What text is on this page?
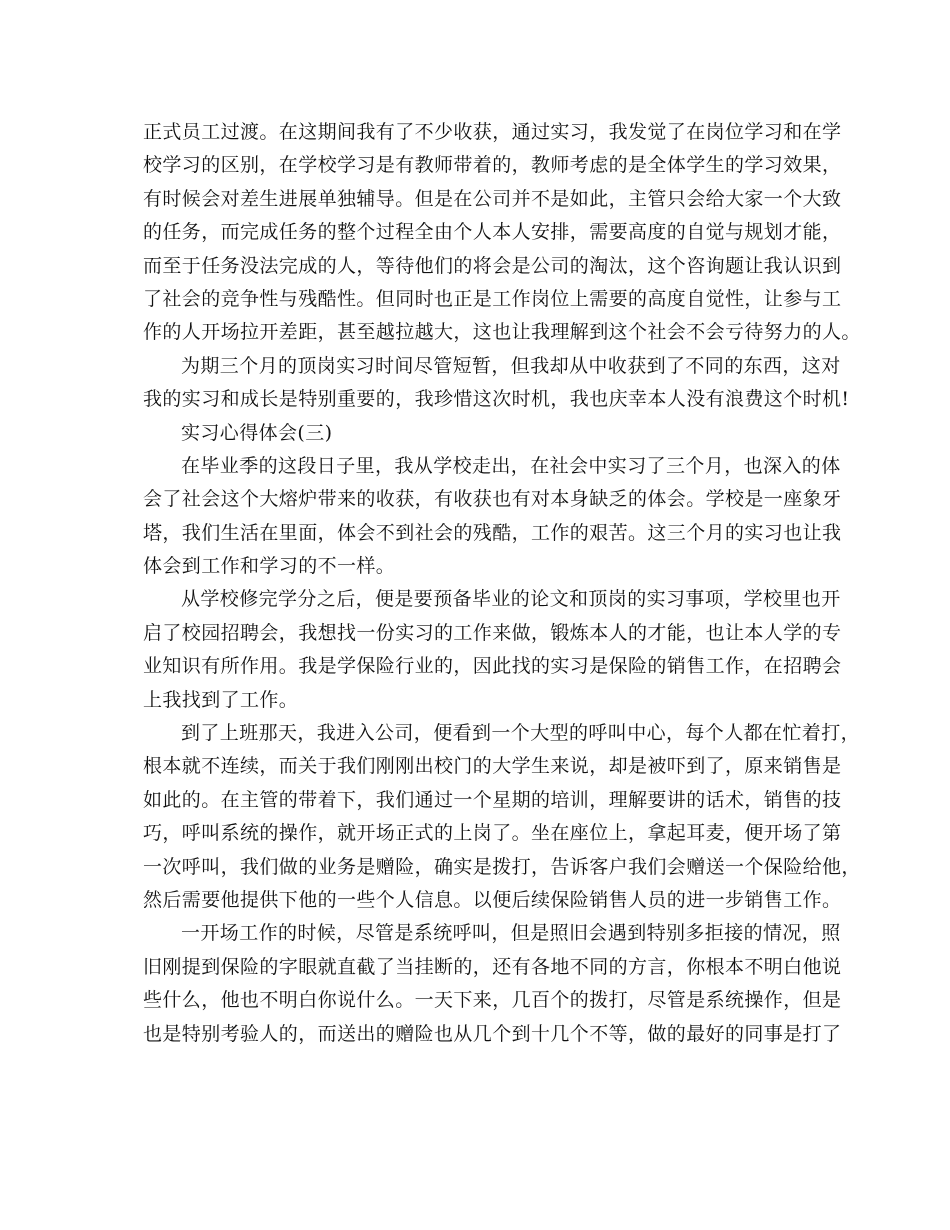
正式员工过渡。在这期间我有了不少收获，通过实习，我发觉了在岗位学习和在学
校学习的区别，在学校学习是有教师带着的，教师考虑的是全体学生的学习效果，
有时候会对差生进展单独辅导。但是在公司并不是如此，主管只会给大家一个大致
的任务，而完成任务的整个过程全由个人本人安排，需要高度的自觉与规划才能，
而至于任务没法完成的人，等待他们的将会是公司的淘汰，这个咨询题让我认识到
了社会的竞争性与残酷性。但同时也正是工作岗位上需要的高度自觉性，让参与工
作的人开场拉开差距，甚至越拉越大，这也让我理解到这个社会不会亏待努力的人。
为期三个月的顶岗实习时间尽管短暂，但我却从中收获到了不同的东西，这对
我的实习和成长是特别重要的，我珍惜这次时机，我也庆幸本人没有浪费这个时机!
实习心得体会(三)
在毕业季的这段日子里，我从学校走出，在社会中实习了三个月，也深入的体
会了社会这个大熔炉带来的收获，有收获也有对本身缺乏的体会。学校是一座象牙
塔，我们生活在里面，体会不到社会的残酷，工作的艰苦。这三个月的实习也让我
体会到工作和学习的不一样。
从学校修完学分之后，便是要预备毕业的论文和顶岗的实习事项，学校里也开
启了校园招聘会，我想找一份实习的工作来做，锻炼本人的才能，也让本人学的专
业知识有所作用。我是学保险行业的，因此找的实习是保险的销售工作，在招聘会
上我找到了工作。
到了上班那天，我进入公司，便看到一个大型的呼叫中心，每个人都在忙着打，
根本就不连续，而关于我们刚刚出校门的大学生来说，却是被吓到了，原来销售是
如此的。在主管的带着下，我们通过一个星期的培训，理解要讲的话术，销售的技
巧，呼叫系统的操作，就开场正式的上岗了。坐在座位上，拿起耳麦，便开场了第
一次呼叫，我们做的业务是赠险，确实是拨打，告诉客户我们会赠送一个保险给他，
然后需要他提供下他的一些个人信息。以便后续保险销售人员的进一步销售工作。
一开场工作的时候，尽管是系统呼叫，但是照旧会遇到特别多拒接的情况，照
旧刚提到保险的字眼就直截了当挂断的，还有各地不同的方言，你根本不明白他说
些什么，他也不明白你说什么。一天下来，几百个的拨打，尽管是系统操作，但是
也是特别考验人的，而送出的赠险也从几个到十几个不等，做的最好的同事是打了
